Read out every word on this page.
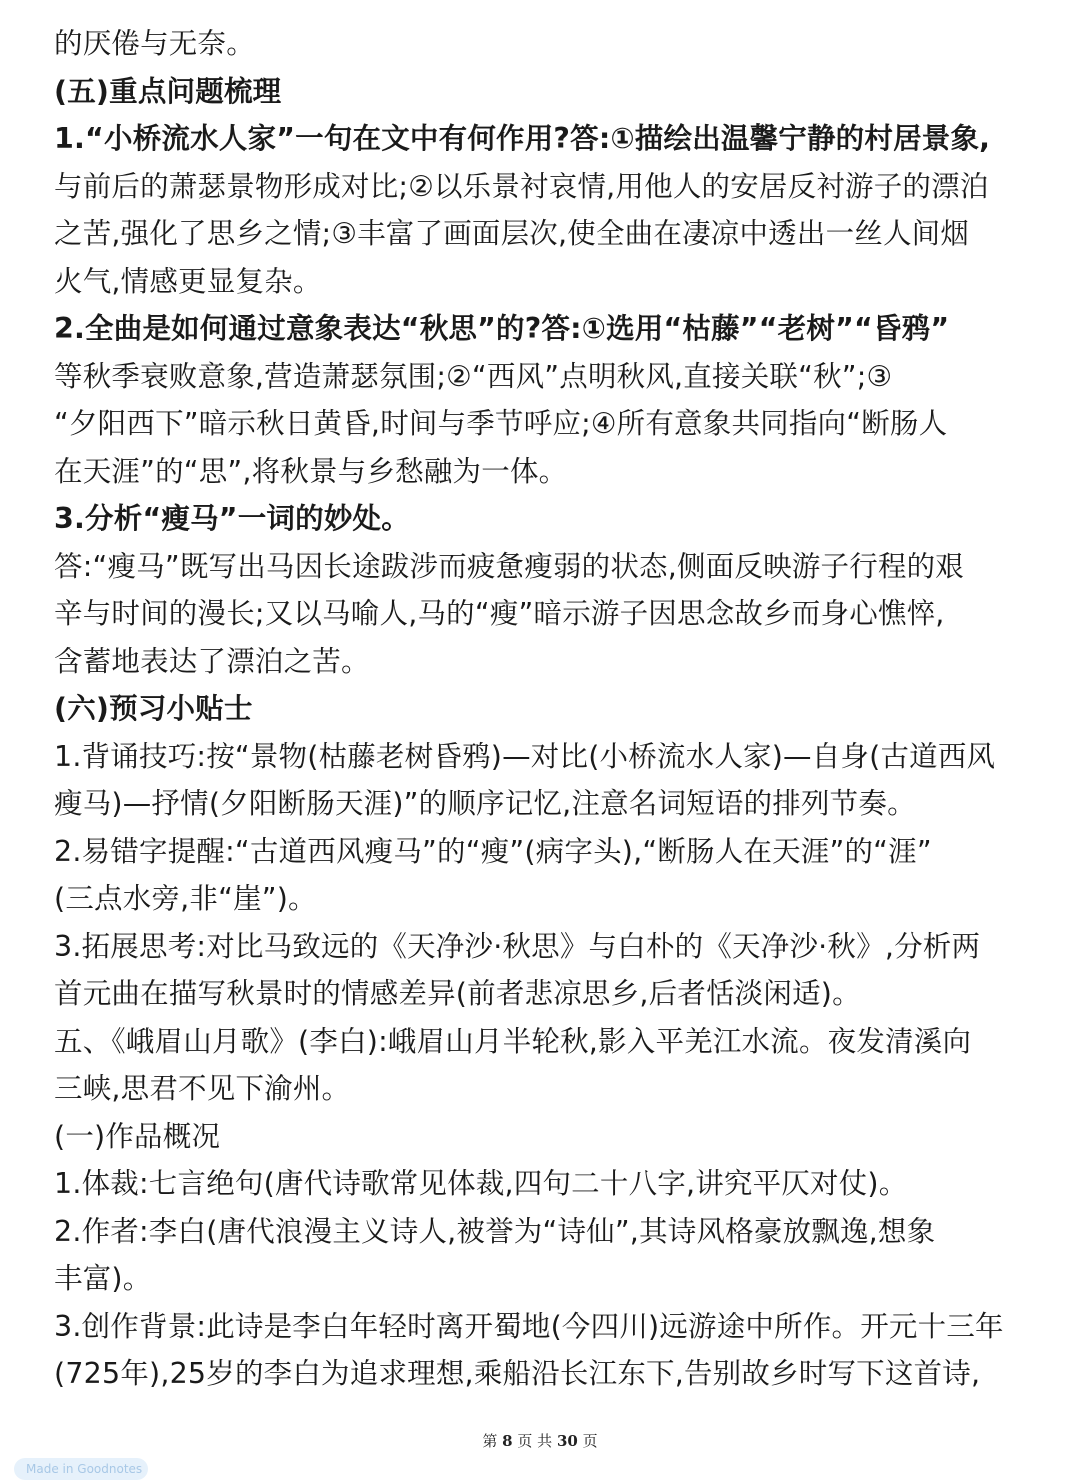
的厌倦与无奈。
(五)重点问题梳理
1.“小桥流水人家”一句在文中有何作用?答:①描绘出温馨宁静的村居景象,
与前后的萧瑟景物形成对比;②以乐景衬哀情,用他人的安居反衬游子的漂泊
之苦,强化了思乡之情;③丰富了画面层次,使全曲在凄凉中透出一丝人间烟
火气,情感更显复杂。
2.全曲是如何通过意象表达“秋思”的?答:①选用“枯藤”“老树”“昏鸦”
等秋季衰败意象,营造萧瑟氛围;②“西风”点明秋风,直接关联“秋”;③
“夕阳西下”暗示秋日黄昏,时间与季节呼应;④所有意象共同指向“断肠人
在天涯”的“思”,将秋景与乡愁融为一体。
3.分析“瘦马”一词的妙处。
答:“瘦马”既写出马因长途跋涉而疲惫瘦弱的状态,侧面反映游子行程的艰
辛与时间的漫长;又以马喻人,马的“瘦”暗示游子因思念故乡而身心憔悴,
含蓄地表达了漂泊之苦。
(六)预习小贴士
1.背诵技巧:按“景物(枯藤老树昏鸦)—对比(小桥流水人家)—自身(古道西风
瘦马)—抒情(夕阳断肠天涯)”的顺序记忆,注意名词短语的排列节奏。
2.易错字提醒:“古道西风瘦马”的“瘦”(病字头),“断肠人在天涯”的“涯”
(三点水旁,非“崖”)。
3.拓展思考:对比马致远的《天净沙·秋思》与白朴的《天净沙·秋》,分析两
首元曲在描写秋景时的情感差异(前者悲凉思乡,后者恬淡闲适)。
五、《峨眉山月歌》(李白):峨眉山月半轮秋,影入平羌江水流。夜发清溪向
三峡,思君不见下渝州。
(一)作品概况
1.体裁:七言绝句(唐代诗歌常见体裁,四句二十八字,讲究平仄对仗)。
2.作者:李白(唐代浪漫主义诗人,被誉为“诗仙”,其诗风格豪放飘逸,想象
丰富)。
3.创作背景:此诗是李白年轻时离开蜀地(今四川)远游途中所作。开元十三年
(725年),25岁的李白为追求理想,乘船沿长江东下,告别故乡时写下这首诗,
第 8 页 共 30 页
Made in Goodnotes
